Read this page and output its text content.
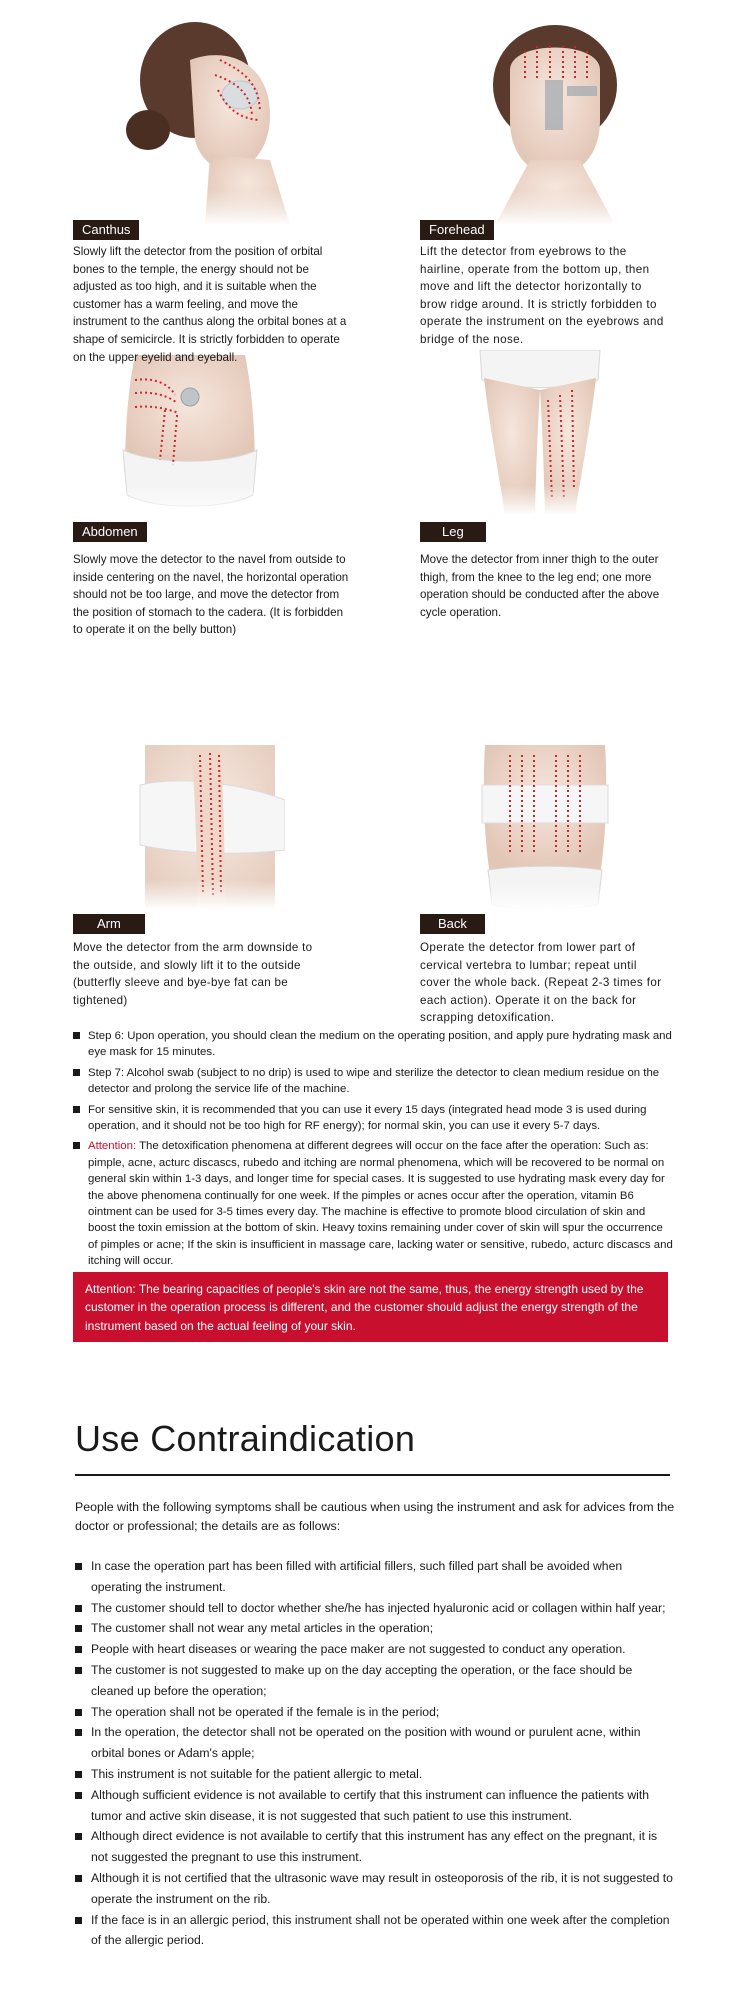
Canthus
Slowly lift the detector from the position of orbital bones to the temple, the energy should not be adjusted as too high, and it is suitable when the customer has a warm feeling, and move the instrument to the canthus along the orbital bones at a shape of semicircle. It is strictly forbidden to operate on the upper eyelid and eyeball.
Forehead
Lift the detector from eyebrows to the hairline, operate from the bottom up, then move and lift the detector horizontally to brow ridge around. It is strictly forbidden to operate the instrument on the eyebrows and bridge of the nose.
Abdomen
Slowly move the detector to the navel from outside to inside centering on the navel, the horizontal operation should not be too large, and move the detector from the position of stomach to the cadera. (It is forbidden to operate it on the belly button)
Leg
Move the detector from inner thigh to the outer thigh, from the knee to the leg end; one more operation should be conducted after the above cycle operation.
Arm
Move the detector from the arm downside to the outside, and slowly lift it to the outside (butterfly sleeve and bye-bye fat can be tightened)
Back
Operate the detector from lower part of cervical vertebra to lumbar; repeat until cover the whole back. (Repeat 2-3 times for each action). Operate it on the back for scrapping detoxification.
Step 6: Upon operation, you should clean the medium on the operating position, and apply pure hydrating mask and eye mask for 15 minutes.
Step 7: Alcohol swab (subject to no drip) is used to wipe and sterilize the detector to clean medium residue on the detector and prolong the service life of the machine.
For sensitive skin, it is recommended that you can use it every 15 days (integrated head mode 3 is used during operation, and it should not be too high for RF energy); for normal skin, you can use it every 5-7 days.
Attention: The detoxification phenomena at different degrees will occur on the face after the operation: Such as: pimple, acne, acturc discascs, rubedo and itching are normal phenomena, which will be recovered to be normal on general skin within 1-3 days, and longer time for special cases. It is suggested to use hydrating mask every day for the above phenomena continually for one week. If the pimples or acnes occur after the operation, vitamin B6 ointment can be used for 3-5 times every day. The machine is effective to promote blood circulation of skin and boost the toxin emission at the bottom of skin. Heavy toxins remaining under cover of skin will spur the occurrence of pimples or acne; If the skin is insufficient in massage care, lacking water or sensitive, rubedo, acturc discascs and itching will occur.
Attention: The bearing capacities of people's skin are not the same, thus, the energy strength used by the customer in the operation process is different, and the customer should adjust the energy strength of the instrument based on the actual feeling of your skin.
Use Contraindication
People with the following symptoms shall be cautious when using the instrument and ask for advices from the doctor or professional; the details are as follows:
In case the operation part has been filled with artificial fillers, such filled part shall be avoided when operating the instrument.
The customer should tell to doctor whether she/he has injected hyaluronic acid or collagen within half year;
The customer shall not wear any metal articles in the operation;
People with heart diseases or wearing the pace maker are not suggested to conduct any operation.
The customer is not suggested to make up on the day accepting the operation, or the face should be cleaned up before the operation;
The operation shall not be operated if the female is in the period;
In the operation, the detector shall not be operated on the position with wound or purulent acne, within orbital bones or Adam's apple;
This instrument is not suitable for the patient allergic to metal.
Although sufficient evidence is not available to certify that this instrument can influence the patients with tumor and active skin disease, it is not suggested that such patient to use this instrument.
Although direct evidence is not available to certify that this instrument has any effect on the pregnant, it is not suggested the pregnant to use this instrument.
Although it is not certified that the ultrasonic wave may result in osteoporosis of the rib, it is not suggested to operate the instrument on the rib.
If the face is in an allergic period, this instrument shall not be operated within one week after the completion of the allergic period.
